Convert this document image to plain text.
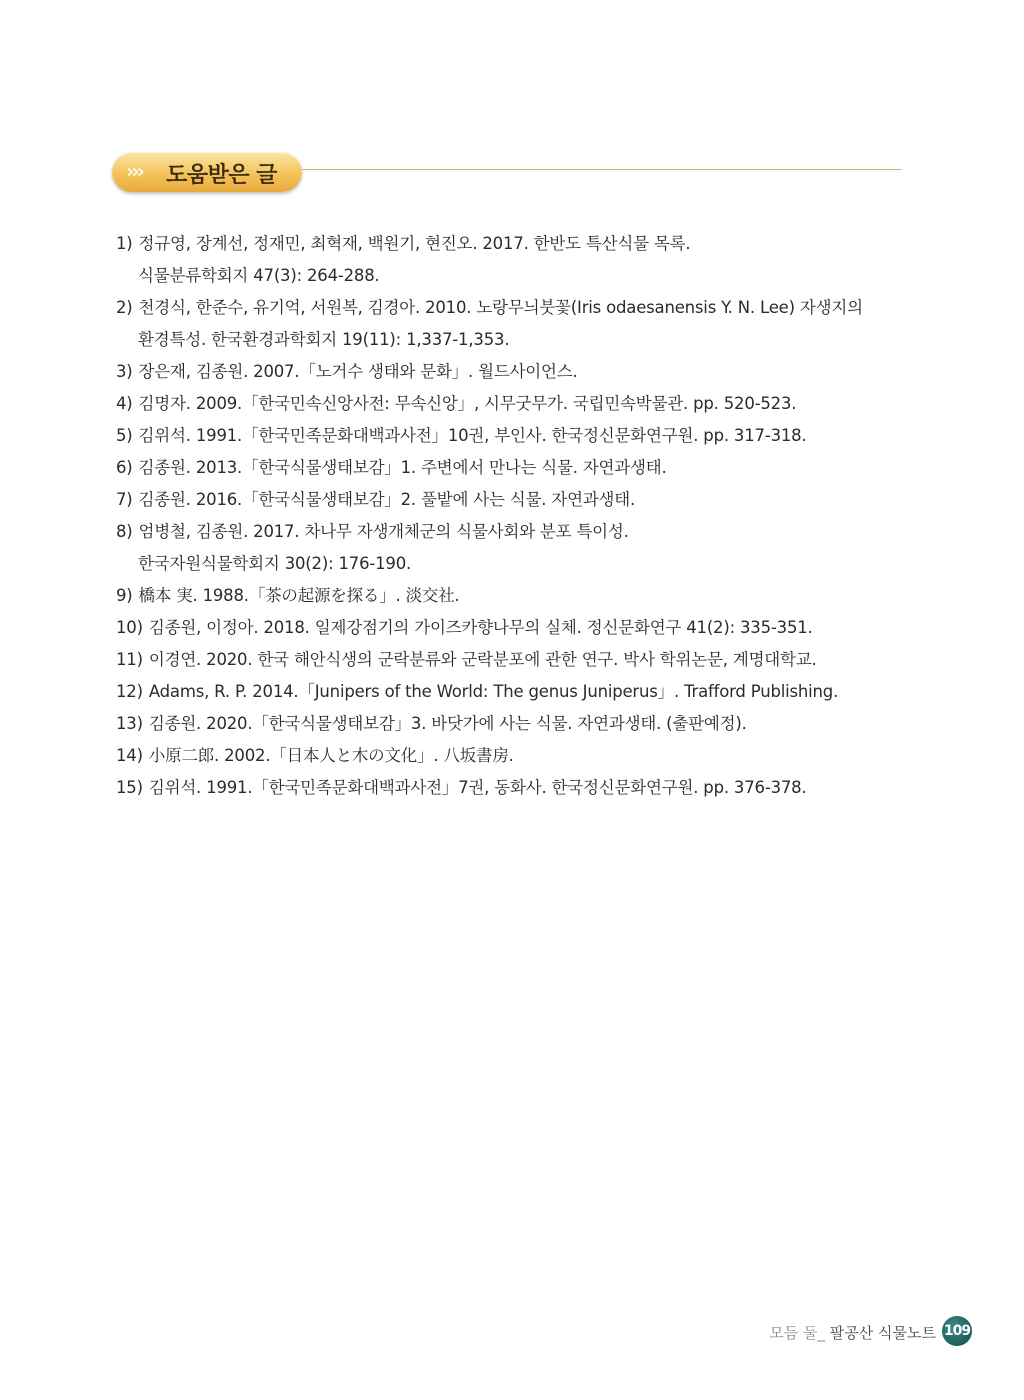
››› 도움받은 글
1) 정규영, 장계선, 정재민, 최혁재, 백원기, 현진오. 2017. 한반도 특산식물 목록.
식물분류학회지 47(3): 264-288.
2) 천경식, 한준수, 유기억, 서원복, 김경아. 2010. 노랑무늬붓꽃(Iris odaesanensis Y. N. Lee) 자생지의
환경특성. 한국환경과학회지 19(11): 1,337-1,353.
3) 장은재, 김종원. 2007.「노거수 생태와 문화」. 월드사이언스.
4) 김명자. 2009.「한국민속신앙사전: 무속신앙」, 시무굿무가. 국립민속박물관. pp. 520-523.
5) 김위석. 1991.「한국민족문화대백과사전」10권, 부인사. 한국정신문화연구원. pp. 317-318.
6) 김종원. 2013.「한국식물생태보감」1. 주변에서 만나는 식물. 자연과생태.
7) 김종원. 2016.「한국식물생태보감」2. 풀밭에 사는 식물. 자연과생태.
8) 엄병철, 김종원. 2017. 차나무 자생개체군의 식물사회와 분포 특이성.
한국자원식물학회지 30(2): 176-190.
9) 橋本 実. 1988.「茶の起源を探る」. 淡交社.
10) 김종원, 이정아. 2018. 일제강점기의 가이즈카향나무의 실체. 정신문화연구 41(2): 335-351.
11) 이경연. 2020. 한국 해안식생의 군락분류와 군락분포에 관한 연구. 박사 학위논문, 계명대학교.
12) Adams, R. P. 2014.「Junipers of the World: The genus Juniperus」. Trafford Publishing.
13) 김종원. 2020.「한국식물생태보감」3. 바닷가에 사는 식물. 자연과생태. (출판예정).
14) 小原二郎. 2002.「日本人と木の文化」. 八坂書房.
15) 김위석. 1991.「한국민족문화대백과사전」7권, 동화사. 한국정신문화연구원. pp. 376-378.
모듬 둘_ 팔공산 식물노트 109
